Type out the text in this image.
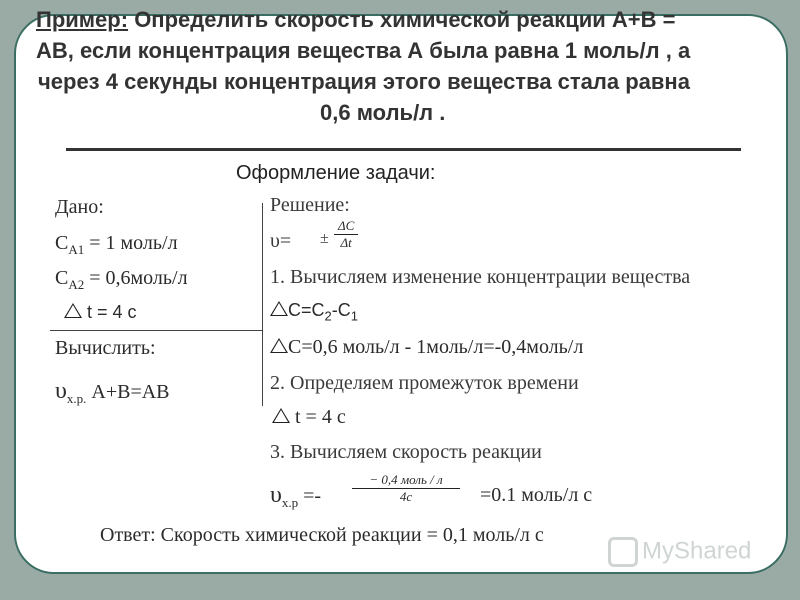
Пример: Определить скорость химической реакции А+В =
АВ, если концентрация вещества А была равна 1 моль/л , а
через 4 секунды концентрация этого вещества стала равна
0,6 моль/л .
Оформление задачи:
Дано:
$C_{А1} = 1$ моль/л
$C_{А2}$ = 0,6моль/л
t = 4 с
Вычислить:
$\upsilon_{х.р.}$ А+В=АВ
Решение:
$\upsilon= \pm \frac{\Delta C}{\Delta t}$
1. Вычисляем изменение концентрации вещества
$C=C_2-C_1$
C=0,6 моль/л - 1моль/л=-0,4моль/л
2. Определяем промежуток времени
t = 4 с
3. Вычисляем скорость реакции
$\upsilon_{х.р}$ =-
− 0,4 моль / л
4с	=0.1 моль/л с
Ответ: Скорость химической реакции = 0,1 моль/л с
MyShared
